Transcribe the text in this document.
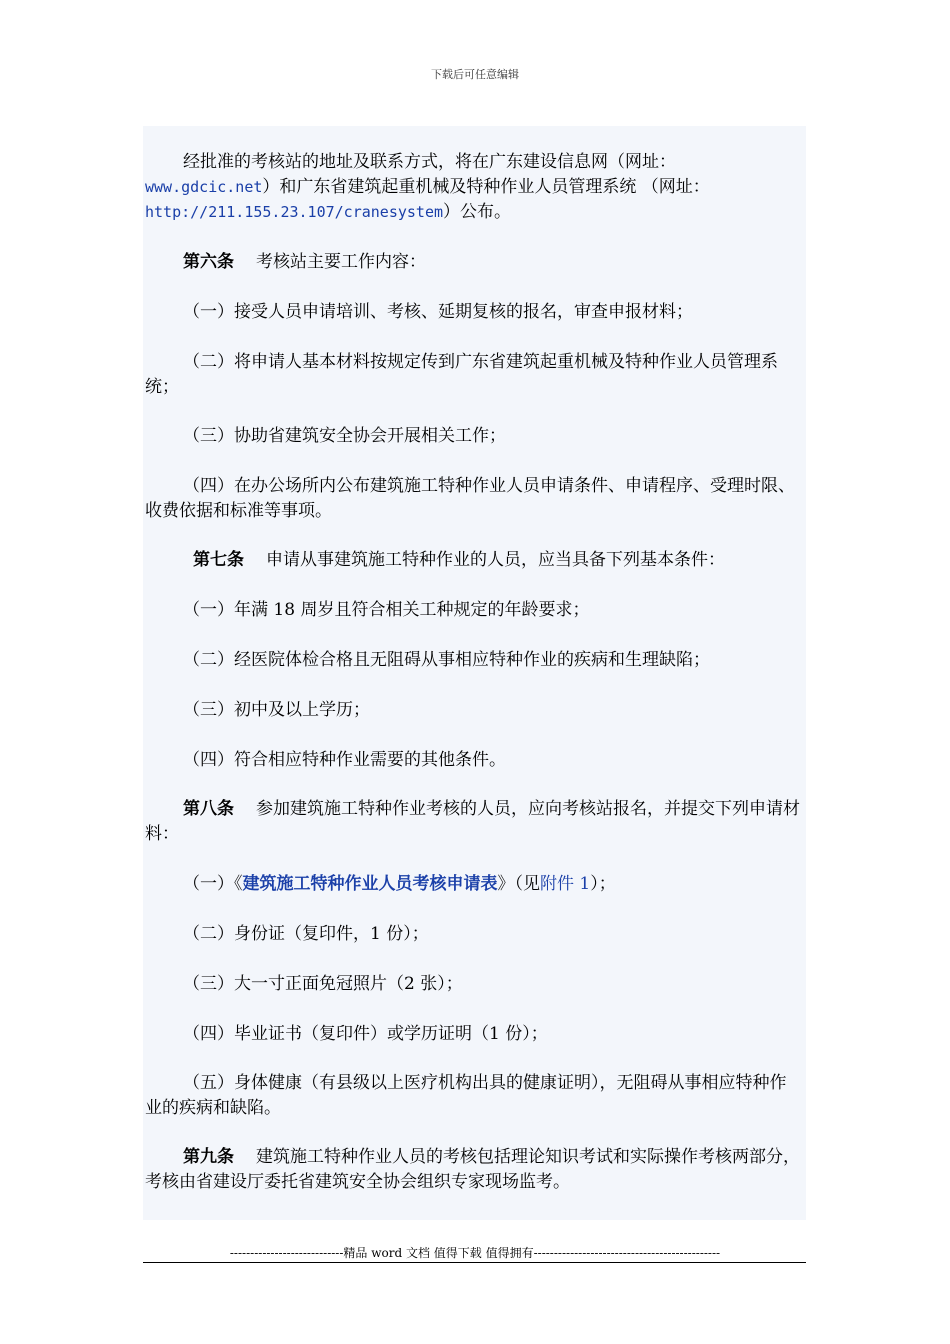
下载后可任意编辑

经批准的考核站的地址及联系方式，将在广东建设信息网（网址：www.gdcic.net）和广东省建筑起重机械及特种作业人员管理系统 （网址：http://211.155.23.107/cranesystem）公布。

第六条 考核站主要工作内容：

（一）接受人员申请培训、考核、延期复核的报名，审查申报材料；

（二）将申请人基本材料按规定传到广东省建筑起重机械及特种作业人员管理系统；

（三）协助省建筑安全协会开展相关工作；

（四）在办公场所内公布建筑施工特种作业人员申请条件、申请程序、受理时限、收费依据和标准等事项。

第七条 申请从事建筑施工特种作业的人员，应当具备下列基本条件：

（一）年满 18 周岁且符合相关工种规定的年龄要求；

（二）经医院体检合格且无阻碍从事相应特种作业的疾病和生理缺陷；

（三）初中及以上学历；

（四）符合相应特种作业需要的其他条件。

第八条 参加建筑施工特种作业考核的人员，应向考核站报名，并提交下列申请材料：

（一）《建筑施工特种作业人员考核申请表》（见附件 1）；

（二）身份证（复印件，1 份）；

（三）大一寸正面免冠照片（2 张）；

（四）毕业证书（复印件）或学历证明（1 份）；

（五）身体健康（有县级以上医疗机构出具的健康证明），无阻碍从事相应特种作业的疾病和缺陷。

第九条 建筑施工特种作业人员的考核包括理论知识考试和实际操作考核两部分，考核由省建设厅委托省建筑安全协会组织专家现场监考。

----------------------------精品 word 文档 值得下载 值得拥有----------------------------------------------
